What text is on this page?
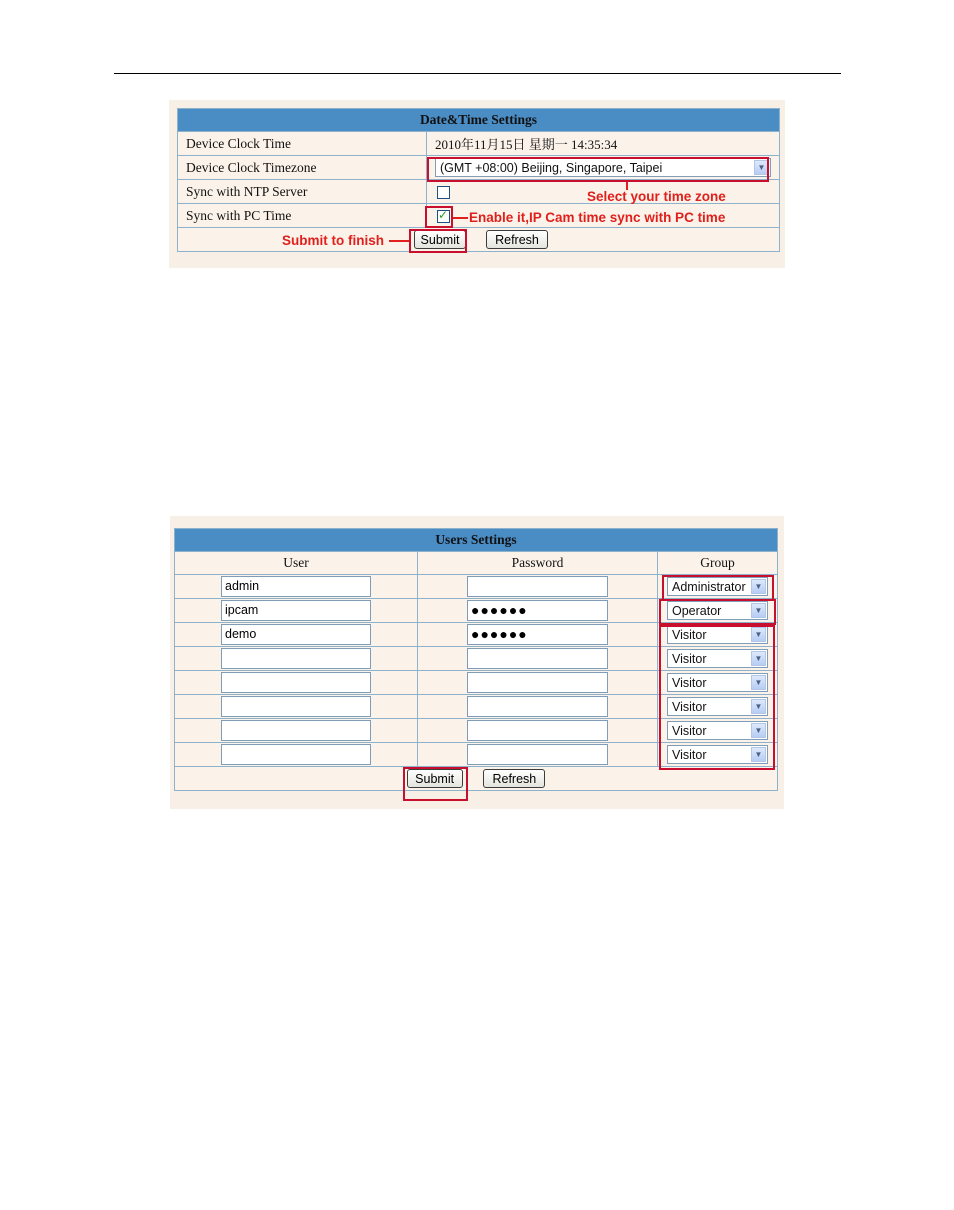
Date&Time Settings	
Device Clock Time	2010年11月15日 星期一 14:35:34
Device Clock Timezone	(GMT +08:00) Beijing, Singapore, Taipei ▼

Sync with NTP Server	
Sync with PC Time	✓

Submit Refresh	
Select your time zone
Enable it,IP Cam time sync with PC time
Submit to finish
Users Settings		
User	Password	Group
admin		Administrator ▼

ipcam	●●●●●●	Operator ▼

demo	●●●●●●	Visitor ▼

		Visitor ▼

		Visitor ▼

		Visitor ▼

		Visitor ▼

		Visitor ▼

Submit Refresh		
